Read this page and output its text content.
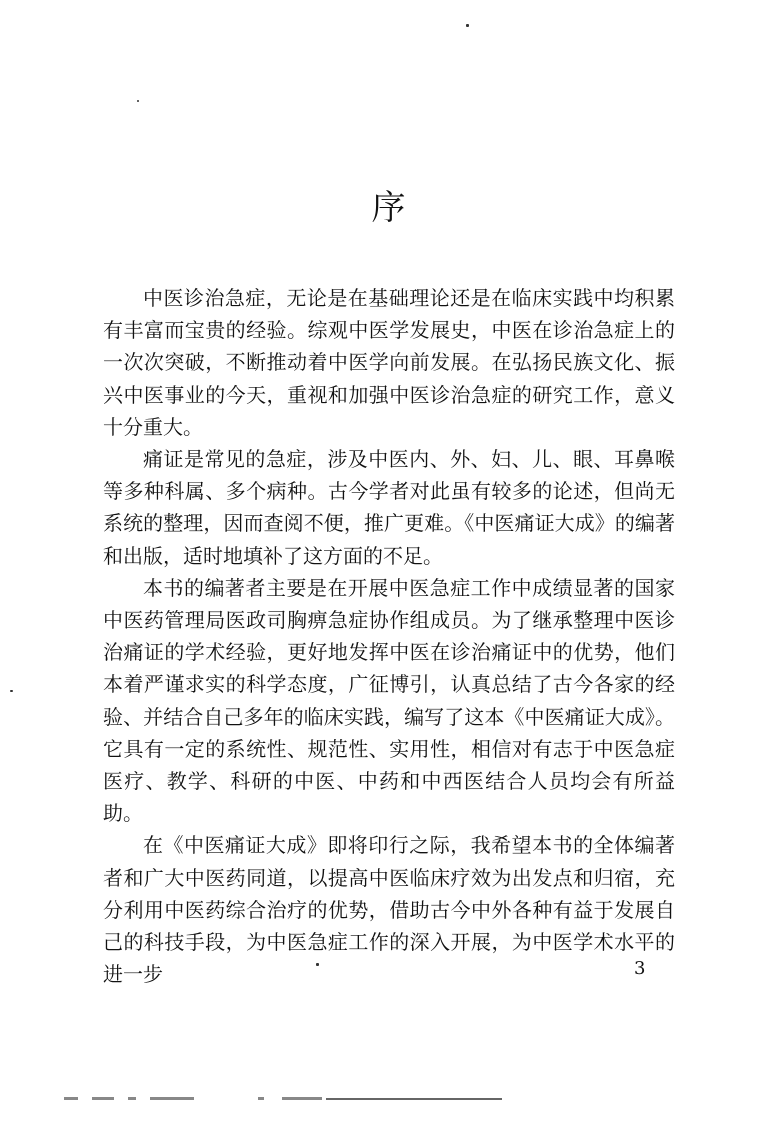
序

中医诊治急症，无论是在基础理论还是在临床实践中均积累有丰富而宝贵的经验。综观中医学发展史，中医在诊治急症上的一次次突破，不断推动着中医学向前发展。在弘扬民族文化、振兴中医事业的今天，重视和加强中医诊治急症的研究工作，意义十分重大。

痛证是常见的急症，涉及中医内、外、妇、儿、眼、耳鼻喉等多种科属、多个病种。古今学者对此虽有较多的论述，但尚无系统的整理，因而查阅不便，推广更难。《中医痛证大成》的编著和出版，适时地填补了这方面的不足。

本书的编著者主要是在开展中医急症工作中成绩显著的国家中医药管理局医政司胸痹急症协作组成员。为了继承整理中医诊治痛证的学术经验，更好地发挥中医在诊治痛证中的优势，他们本着严谨求实的科学态度，广征博引，认真总结了古今各家的经验、并结合自己多年的临床实践，编写了这本《中医痛证大成》。它具有一定的系统性、规范性、实用性，相信对有志于中医急症医疗、教学、科研的中医、中药和中西医结合人员均会有所益助。

在《中医痛证大成》即将印行之际，我希望本书的全体编著者和广大中医药同道，以提高中医临床疗效为出发点和归宿，充分利用中医药综合治疗的优势，借助古今中外各种有益于发展自己的科技手段，为中医急症工作的深入开展，为中医学术水平的进一步	3
